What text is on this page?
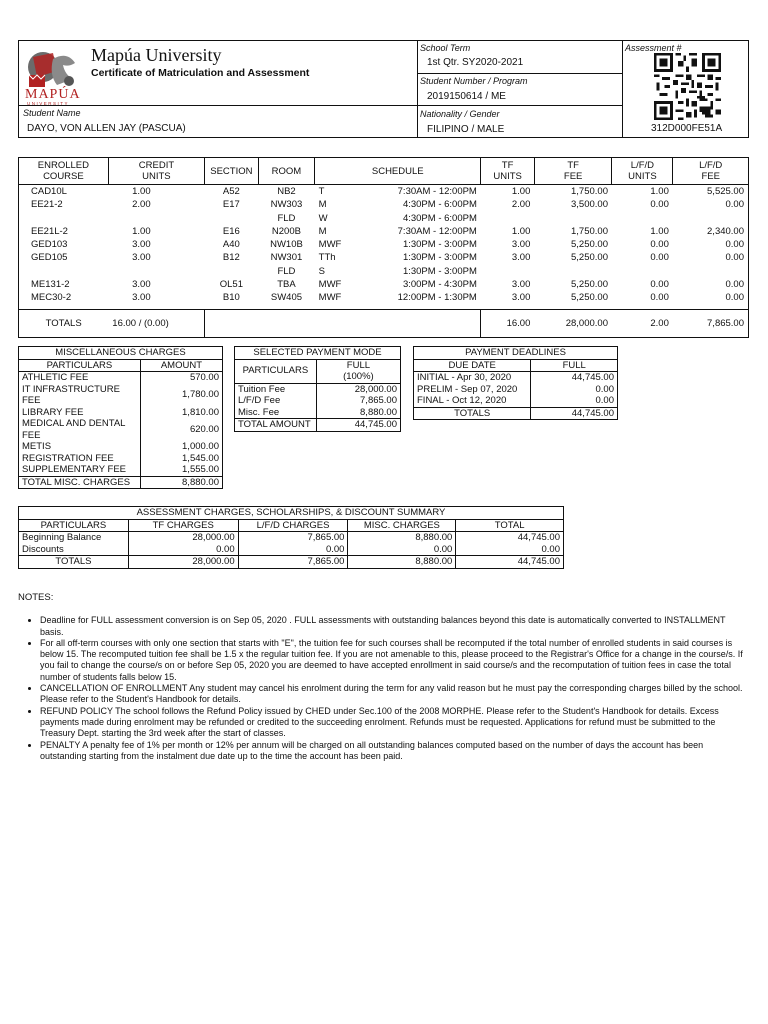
MAPÚA
UNIVERSITY
Mapúa University
Certificate of Matriculation and Assessment
Student Name
DAYO, VON ALLEN JAY (PASCUA)
School Term
1st Qtr. SY2020-2021
Student Number / Program
2019150614 / ME
Nationality / Gender
FILIPINO / MALE
Assessment #
312D000FE51A
ENROLLED COURSE	CREDIT UNITS	SECTION	ROOM	SCHEDULE		TF UNITS	TF FEE	L/F/D UNITS	L/F/D FEE
CAD10L	1.00	A52	NB2	T	7:30AM - 12:00PM	1.00	1,750.00	1.00	5,525.00
EE21-2	2.00	E17	NW303	M	4:30PM - 6:00PM	2.00	3,500.00	0.00	0.00
			FLD	W	4:30PM - 6:00PM				
EE21L-2	1.00	E16	N200B	M	7:30AM - 12:00PM	1.00	1,750.00	1.00	2,340.00
GED103	3.00	A40	NW10B	MWF	1:30PM - 3:00PM	3.00	5,250.00	0.00	0.00
GED105	3.00	B12	NW301	TTh	1:30PM - 3:00PM	3.00	5,250.00	0.00	0.00
			FLD	S	1:30PM - 3:00PM				
ME131-2	3.00	OL51	TBA	MWF	3:00PM - 4:30PM	3.00	5,250.00	0.00	0.00
MEC30-2	3.00	B10	SW405	MWF	12:00PM - 1:30PM	3.00	5,250.00	0.00	0.00

TOTALS	16.00 / (0.00)					16.00	28,000.00	2.00	7,865.00
MISCELLANEOUS CHARGES	
PARTICULARS	AMOUNT
ATHLETIC FEE	570.00
IT INFRASTRUCTURE FEE	1,780.00
LIBRARY FEE	1,810.00
MEDICAL AND DENTAL FEE	620.00
METIS	1,000.00
REGISTRATION FEE	1,545.00
SUPPLEMENTARY FEE	1,555.00
TOTAL MISC. CHARGES	8,880.00
SELECTED PAYMENT MODE	
PARTICULARS	FULL (100%)
Tuition Fee	28,000.00
L/F/D Fee	7,865.00
Misc. Fee	8,880.00
TOTAL AMOUNT	44,745.00
PAYMENT DEADLINES	
DUE DATE	FULL
INITIAL - Apr 30, 2020	44,745.00
PRELIM - Sep 07, 2020	0.00
FINAL - Oct 12, 2020	0.00
TOTALS	44,745.00
ASSESSMENT CHARGES, SCHOLARSHIPS, & DISCOUNT SUMMARY				
PARTICULARS	TF CHARGES	L/F/D CHARGES	MISC. CHARGES	TOTAL
Beginning Balance	28,000.00	7,865.00	8,880.00	44,745.00
Discounts	0.00	0.00	0.00	0.00
TOTALS	28,000.00	7,865.00	8,880.00	44,745.00
NOTES:
• Deadline for FULL assessment conversion is on Sep 05, 2020 . FULL assessments with outstanding balances beyond this date is automatically converted to INSTALLMENT basis.
• For all off-term courses with only one section that starts with "E", the tuition fee for such courses shall be recomputed if the total number of enrolled students in said courses is below 15. The recomputed tuition fee shall be 1.5 x the regular tuition fee. If you are not amenable to this, please proceed to the Registrar's Office for a change in the course/s. If you fail to change the course/s on or before Sep 05, 2020 you are deemed to have accepted enrollment in said course/s and the recomputation of tuition fees in case the total number of students falls below 15.
• CANCELLATION OF ENROLLMENT Any student may cancel his enrolment during the term for any valid reason but he must pay the corresponding charges billed by the school. Please refer to the Student's Handbook for details.
• REFUND POLICY The school follows the Refund Policy issued by CHED under Sec.100 of the 2008 MORPHE. Please refer to the Student's Handbook for details. Excess payments made during enrolment may be refunded or credited to the succeeding enrolment. Refunds must be requested. Applications for refund must be submitted to the Treasury Dept. starting the 3rd week after the start of classes.
• PENALTY A penalty fee of 1% per month or 12% per annum will be charged on all outstanding balances computed based on the number of days the account has been outstanding starting from the instalment due date up to the time the account has been paid.
